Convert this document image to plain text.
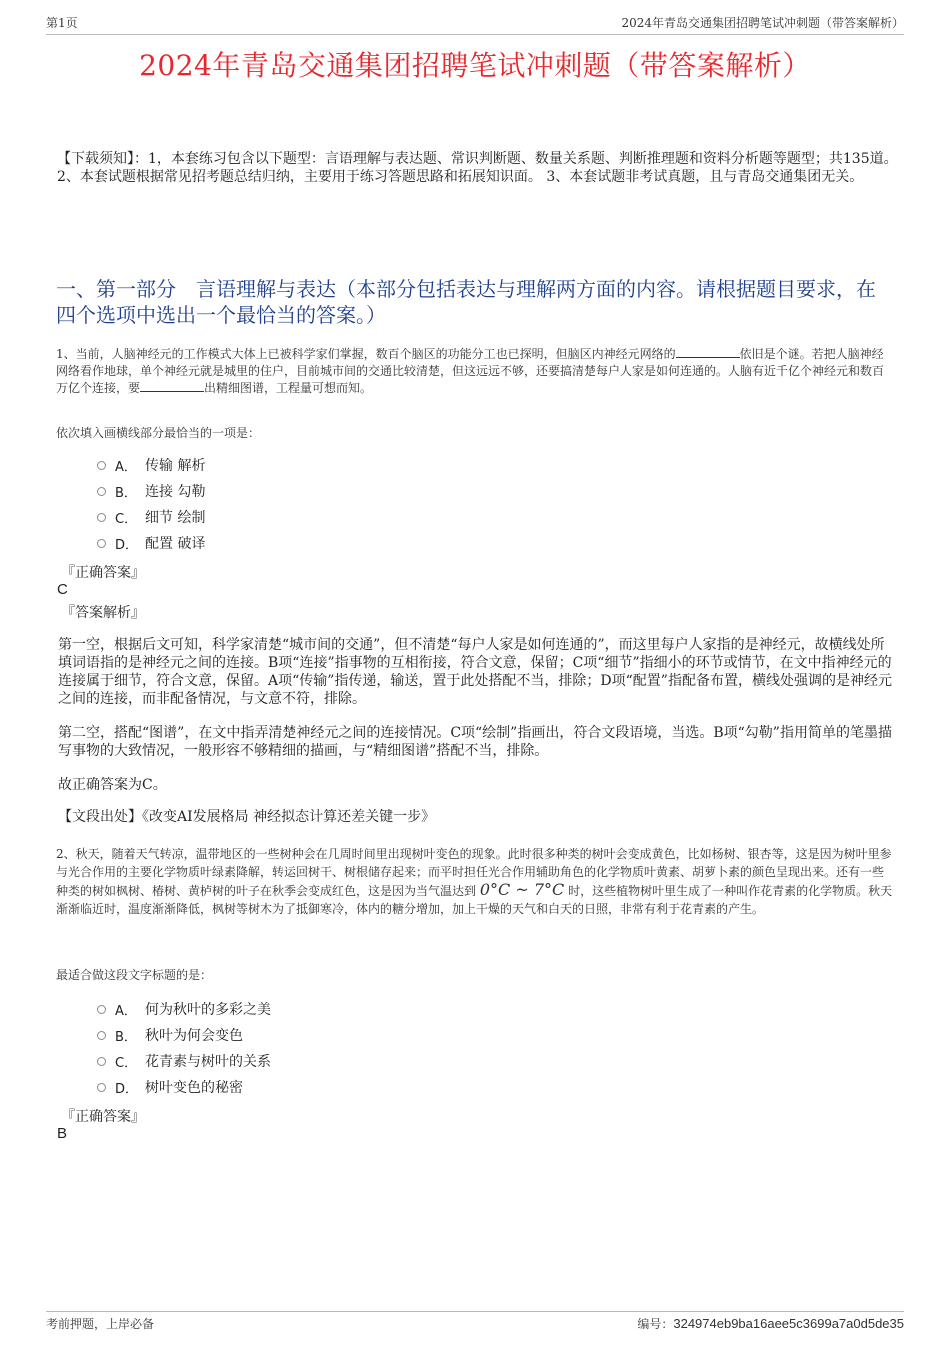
第1页	2024年青岛交通集团招聘笔试冲刺题（带答案解析）
2024年青岛交通集团招聘笔试冲刺题（带答案解析）
【下载须知】：1，本套练习包含以下题型：言语理解与表达题、常识判断题、数量关系题、判断推理题和资料分析题等题型；共135道。 2、本套试题根据常见招考题总结归纳，主要用于练习答题思路和拓展知识面。 3、本套试题非考试真题，且与青岛交通集团无关。
一、第一部分　言语理解与表达（本部分包括表达与理解两方面的内容。请根据题目要求，在四个选项中选出一个最恰当的答案。）
1、当前，人脑神经元的工作模式大体上已被科学家们掌握，数百个脑区的功能分工也已探明，但脑区内神经元网络的	依旧是个谜。若把人脑神经网络看作地球，单个神经元就是城里的住户，目前城市间的交通比较清楚，但这远远不够，还要搞清楚每户人家是如何连通的。人脑有近千亿个神经元和数百万亿个连接，要	出精细图谱，工程量可想而知。
依次填入画横线部分最恰当的一项是：
A． 传输 解析
B． 连接 勾勒
C． 细节 绘制
D． 配置 破译
『正确答案』
C
『答案解析』
第一空，根据后文可知，科学家清楚“城市间的交通”，但不清楚“每户人家是如何连通的”，而这里每户人家指的是神经元，故横线处所填词语指的是神经元之间的连接。B项“连接”指事物的互相衔接，符合文意，保留；C项“细节”指细小的环节或情节，在文中指神经元的连接属于细节，符合文意，保留。A项“传输”指传递，输送，置于此处搭配不当，排除；D项“配置”指配备布置，横线处强调的是神经元之间的连接，而非配备情况，与文意不符，排除。
第二空，搭配“图谱”，在文中指弄清楚神经元之间的连接情况。C项“绘制”指画出，符合文段语境，当选。B项“勾勒”指用简单的笔墨描写事物的大致情况，一般形容不够精细的描画，与“精细图谱”搭配不当，排除。
故正确答案为C。
【文段出处】《改变AI发展格局 神经拟态计算还差关键一步》
2、秋天，随着天气转凉，温带地区的一些树种会在几周时间里出现树叶变色的现象。此时很多种类的树叶会变成黄色，比如杨树、银杏等，这是因为树叶里参与光合作用的主要化学物质叶绿素降解，转运回树干、树根储存起来；而平时担任光合作用辅助角色的化学物质叶黄素、胡萝卜素的颜色呈现出来。还有一些种类的树如枫树、椿树、黄栌树的叶子在秋季会变成红色，这是因为当气温达到 0°C ~ 7°C 时，这些植物树叶里生成了一种叫作花青素的化学物质。秋天渐渐临近时，温度渐渐降低，枫树等树木为了抵御寒冷，体内的糖分增加，加上干燥的天气和白天的日照，非常有利于花青素的产生。
最适合做这段文字标题的是：
A． 何为秋叶的多彩之美
B． 秋叶为何会变色
C． 花青素与树叶的关系
D． 树叶变色的秘密
『正确答案』
B
考前押题，上岸必备	编号：324974eb9ba16aee5c3699a7a0d5de35
